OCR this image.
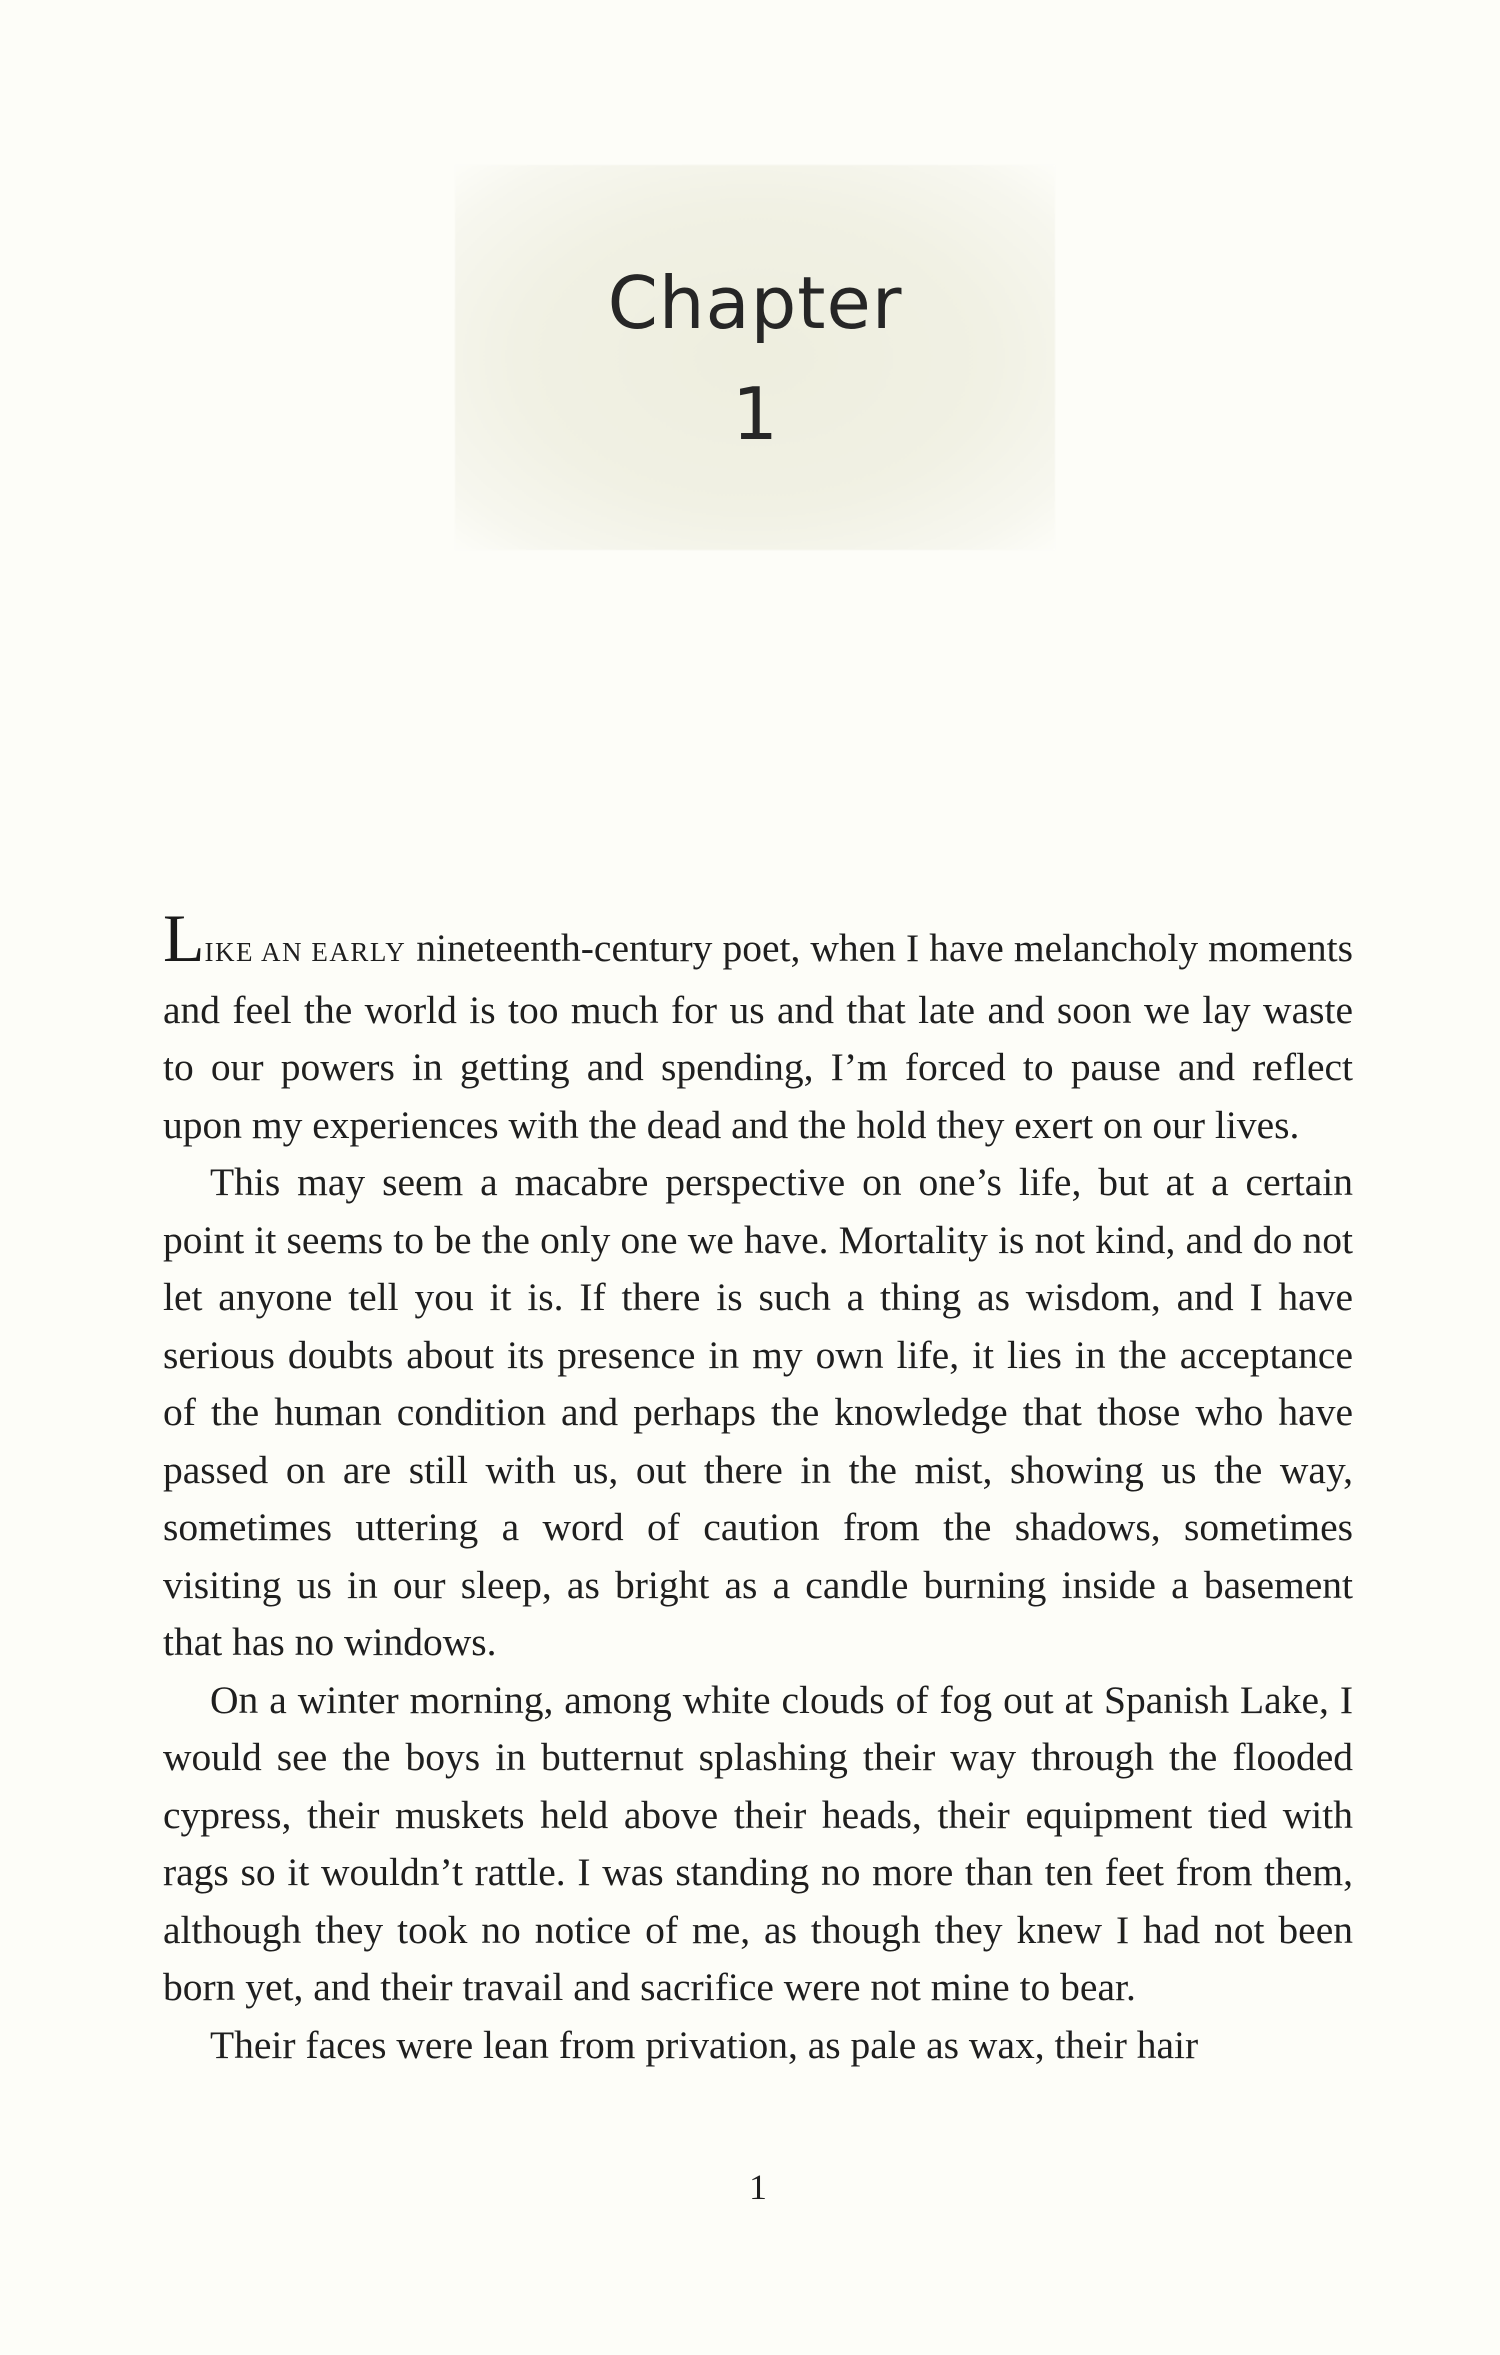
Chapter
1

LIKE AN EARLY nineteenth-century poet, when I have melancholy moments and feel the world is too much for us and that late and soon we lay waste to our powers in getting and spending, I’m forced to pause and reflect upon my experiences with the dead and the hold they exert on our lives.

This may seem a macabre perspective on one’s life, but at a certain point it seems to be the only one we have. Mortality is not kind, and do not let anyone tell you it is. If there is such a thing as wisdom, and I have serious doubts about its presence in my own life, it lies in the acceptance of the human condition and perhaps the knowledge that those who have passed on are still with us, out there in the mist, showing us the way, sometimes uttering a word of caution from the shadows, sometimes visiting us in our sleep, as bright as a candle burning inside a basement that has no windows.

On a winter morning, among white clouds of fog out at Spanish Lake, I would see the boys in butternut splashing their way through the flooded cypress, their muskets held above their heads, their equipment tied with rags so it wouldn’t rattle. I was standing no more than ten feet from them, although they took no notice of me, as though they knew I had not been born yet, and their travail and sacrifice were not mine to bear.

Their faces were lean from privation, as pale as wax, their hair

1
